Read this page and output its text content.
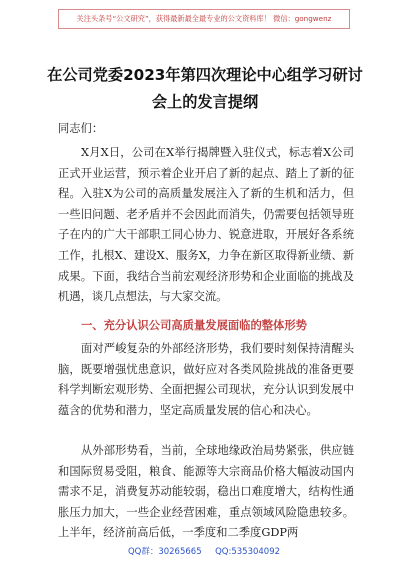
关注头条号“公文研究”，获得最新最全最专业的公文资料库！ 微信：gongwenz
在公司党委2023年第四次理论中心组学习研讨会上的发言提纲
同志们：
X月X日，公司在X举行揭牌暨入驻仪式，标志着X公司正式开业运营，预示着企业开启了新的起点、踏上了新的征程。入驻X为公司的高质量发展注入了新的生机和活力，但一些旧问题、老矛盾并不会因此而消失，仍需要包括领导班子在内的广大干部职工同心协力、锐意进取，开展好各系统工作，扎根X、建设X、服务X，力争在新区取得新业绩、新成果。下面，我结合当前宏观经济形势和企业面临的挑战及机遇，谈几点想法，与大家交流。
一、充分认识公司高质量发展面临的整体形势
面对严峻复杂的外部经济形势，我们要时刻保持清醒头脑，既要增强忧患意识，做好应对各类风险挑战的准备更要科学判断宏观形势、全面把握公司现状，充分认识到发展中蕴含的优势和潜力，坚定高质量发展的信心和决心。
从外部形势看，当前，全球地缘政治局势紧张，供应链和国际贸易受阻，粮食、能源等大宗商品价格大幅波动国内需求不足，消费复苏动能较弱，稳出口难度增大，结构性通胀压力加大，一些企业经营困难，重点领域风险隐患较多。上半年，经济前高后低，一季度和二季度GDP两
QQ群：30265665     QQ:535304092
